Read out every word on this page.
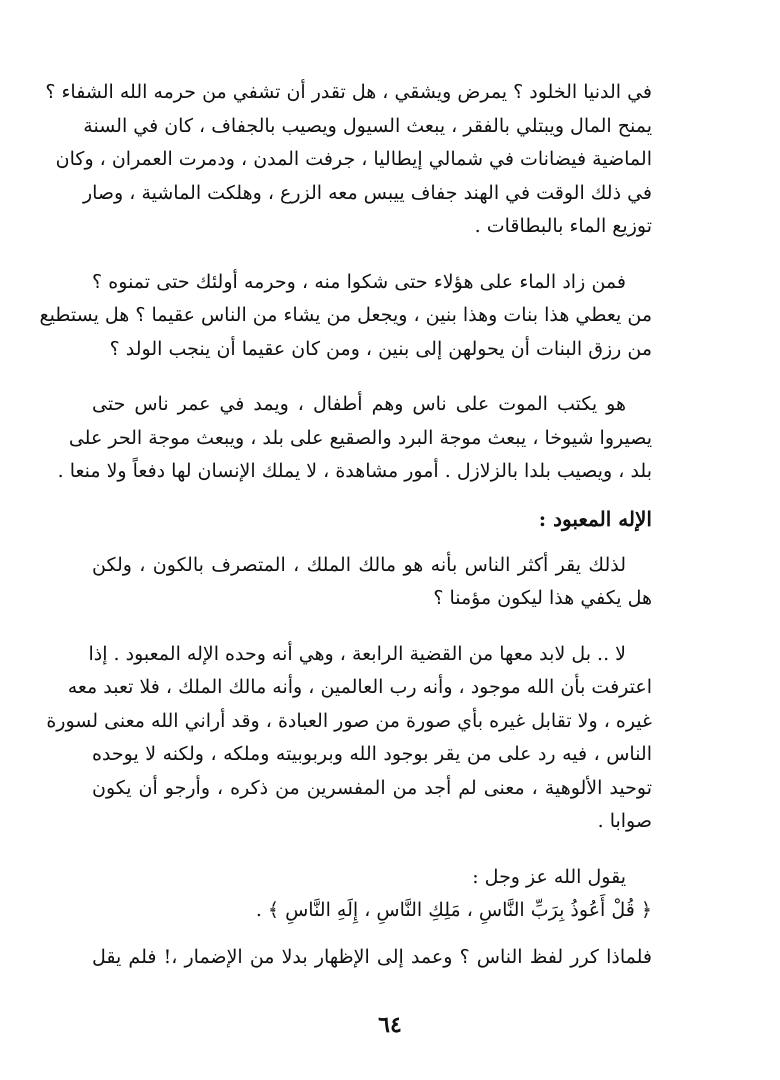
في الدنيا الخلود ؟ يمرض ويشقي ، هل تقدر أن تشفي من حرمه الله الشفاء ؟
يمنح المال ويبتلي بالفقر ، يبعث السيول ويصيب بالجفاف ، كان في السنة
الماضية فيضانات في شمالي إيطاليا ، جرفت المدن ، ودمرت العمران ، وكان
في ذلك الوقت في الهند جفاف ييبس معه الزرع ، وهلكت الماشية ، وصار
توزيع الماء بالبطاقات .

فمن زاد الماء على هؤلاء حتى شكوا منه ، وحرمه أولئك حتى تمنوه ؟
من يعطي هذا بنات وهذا بنين ، ويجعل من يشاء من الناس عقيما ؟ هل يستطيع
من رزق البنات أن يحولهن إلى بنين ، ومن كان عقيما أن ينجب الولد ؟

هو يكتب الموت على ناس وهم أطفال ، ويمد في عمر ناس حتى
يصيروا شيوخا ، يبعث موجة البرد والصقيع على بلد ، ويبعث موجة الحر على
بلد ، ويصيب بلدا بالزلازل . أمور مشاهدة ، لا يملك الإنسان لها دفعاً ولا منعا .

الإله المعبود :

لذلك يقر أكثر الناس بأنه هو مالك الملك ، المتصرف بالكون ، ولكن
هل يكفي هذا ليكون مؤمنا ؟

لا .. بل لابد معها من القضية الرابعة ، وهي أنه وحده الإله المعبود . إذا
اعترفت بأن الله موجود ، وأنه رب العالمين ، وأنه مالك الملك ، فلا تعبد معه
غيره ، ولا تقابل غيره بأي صورة من صور العبادة ، وقد أراني الله معنى لسورة
الناس ، فيه رد على من يقر بوجود الله وبربوبيته وملكه ، ولكنه لا يوحده
توحيد الألوهية ، معنى لم أجد من المفسرين من ذكره ، وأرجو أن يكون
صوابا .

يقول الله عز وجل :
﴿ قُلْ أَعُوذُ بِرَبِّ النَّاسِ ، مَلِكِ النَّاسِ ، إِلَهِ النَّاسِ ﴾ .

فلماذا كرر لفظ الناس ؟ وعمد إلى الإظهار بدلا من الإضمار ،! فلم يقل

٦٤
